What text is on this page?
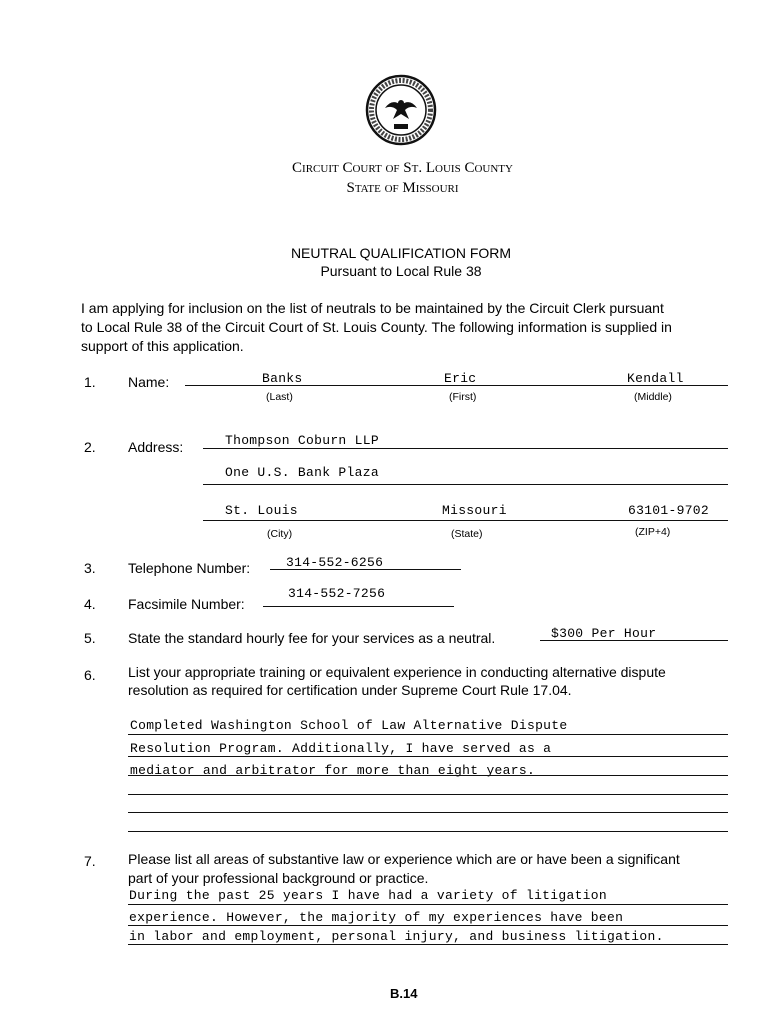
Circuit Court of St. Louis County
State of Missouri
NEUTRAL QUALIFICATION FORM
Pursuant to Local Rule 38
I am applying for inclusion on the list of neutrals to be maintained by the Circuit Clerk pursuant
to Local Rule 38 of the Circuit Court of St. Louis County. The following information is supplied in
support of this application.
1. Name:	Banks	Eric	Kendall
(Last)	(First)	(Middle)
2. Address:	Thompson Coburn LLP
One U.S. Bank Plaza
St. Louis	Missouri	63101-9702
(City)	(State)	(ZIP+4)
3. Telephone Number:	314-552-6256
4. Facsimile Number:
314-552-7256
5. State the standard hourly fee for your services as a neutral.	$300 Per Hour
6. List your appropriate training or equivalent experience in conducting alternative dispute
resolution as required for certification under Supreme Court Rule 17.04.
Completed Washington School of Law Alternative Dispute
Resolution Program. Additionally, I have served as a
mediator and arbitrator for more than eight years.
7. Please list all areas of substantive law or experience which are or have been a significant
part of your professional background or practice.
During the past 25 years I have had a variety of litigation
experience. However, the majority of my experiences have been
in labor and employment, personal injury, and business litigation.
B.14
